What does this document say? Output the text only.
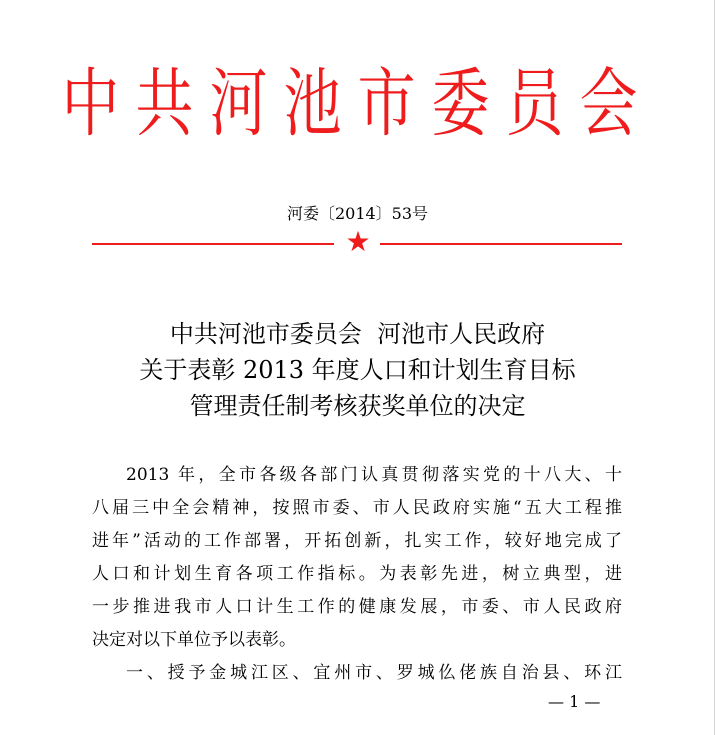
中共河池市委员会
河委〔2014〕53号
★
中共河池市委员会  河池市人民政府
关于表彰 2013 年度人口和计划生育目标
管理责任制考核获奖单位的决定
2013 年，全市各级各部门认真贯彻落实党的十八大、十
八届三中全会精神，按照市委、市人民政府实施“五大工程推
进年”活动的工作部署，开拓创新，扎实工作，较好地完成了
人口和计划生育各项工作指标。为表彰先进，树立典型，进
一步推进我市人口计生工作的健康发展，市委、市人民政府
决定对以下单位予以表彰。
一、授予金城江区、宜州市、罗城仫佬族自治县、环江
— 1 —
